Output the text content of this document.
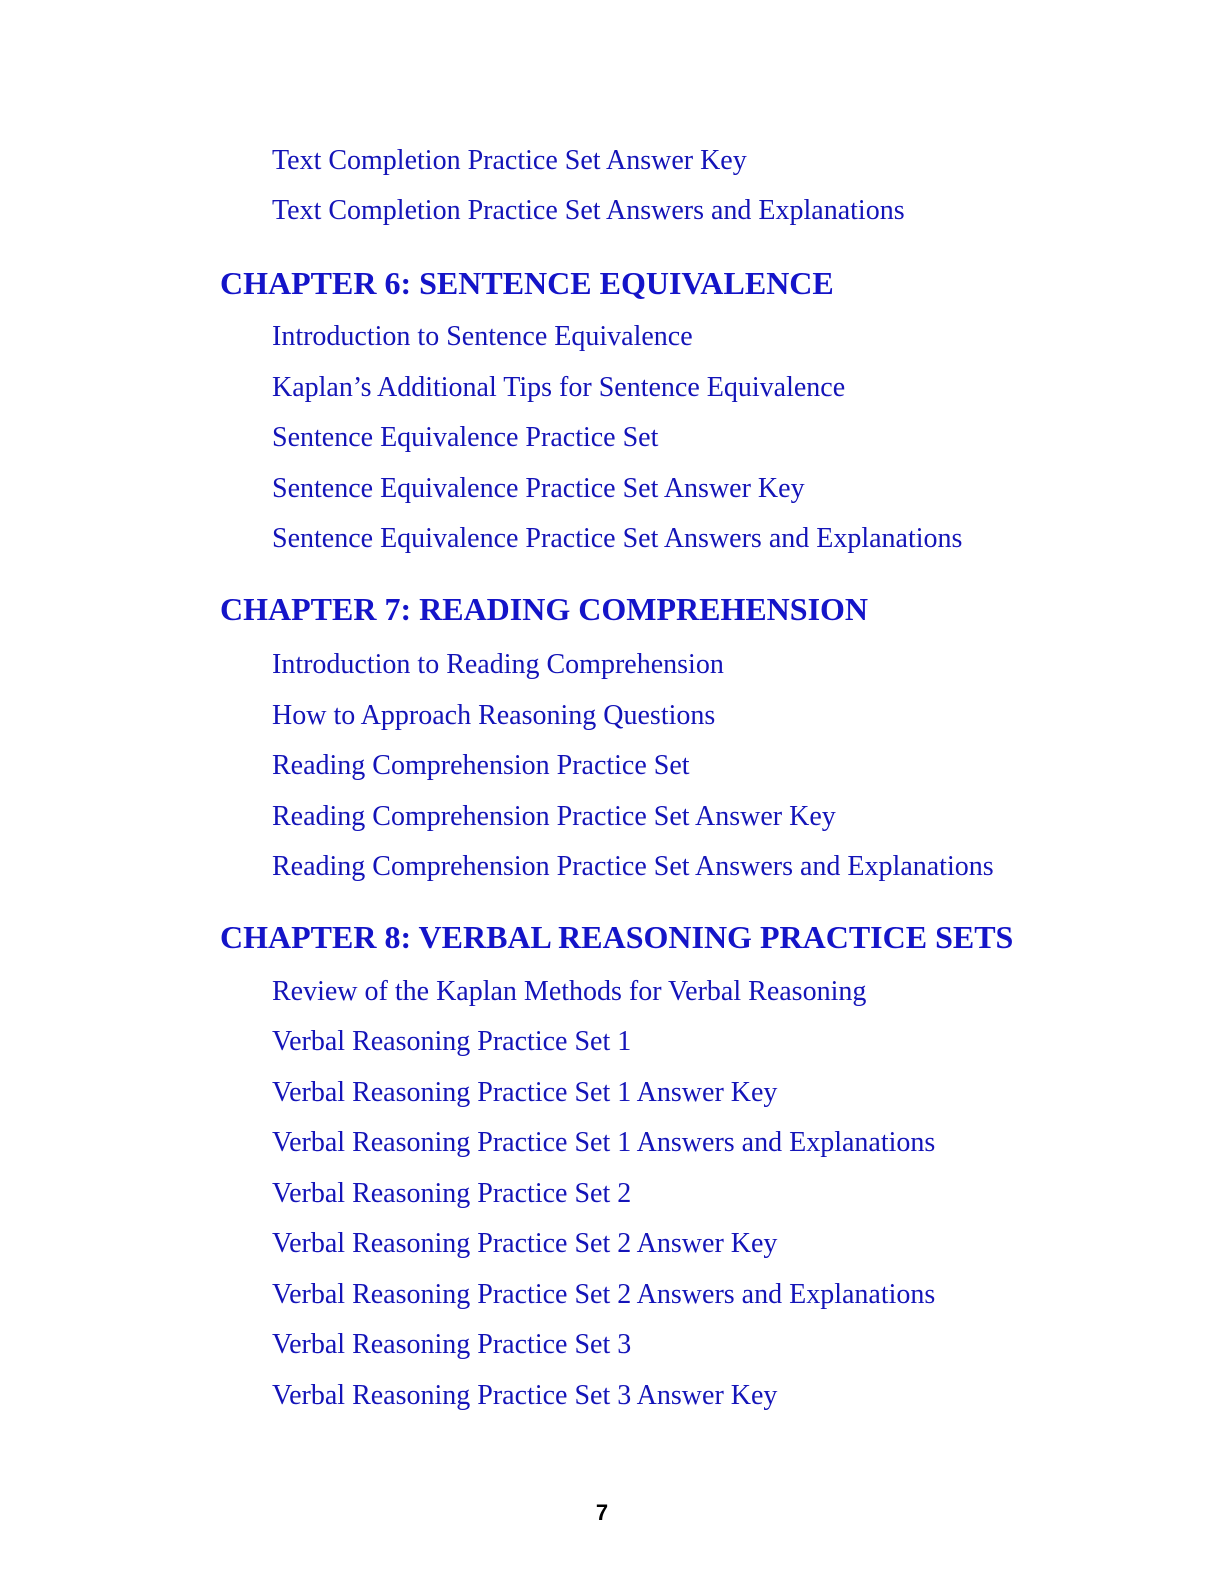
Text Completion Practice Set Answer Key
Text Completion Practice Set Answers and Explanations
CHAPTER 6: SENTENCE EQUIVALENCE
Introduction to Sentence Equivalence
Kaplan’s Additional Tips for Sentence Equivalence
Sentence Equivalence Practice Set
Sentence Equivalence Practice Set Answer Key
Sentence Equivalence Practice Set Answers and Explanations
CHAPTER 7: READING COMPREHENSION
Introduction to Reading Comprehension
How to Approach Reasoning Questions
Reading Comprehension Practice Set
Reading Comprehension Practice Set Answer Key
Reading Comprehension Practice Set Answers and Explanations
CHAPTER 8: VERBAL REASONING PRACTICE SETS
Review of the Kaplan Methods for Verbal Reasoning
Verbal Reasoning Practice Set 1
Verbal Reasoning Practice Set 1 Answer Key
Verbal Reasoning Practice Set 1 Answers and Explanations
Verbal Reasoning Practice Set 2
Verbal Reasoning Practice Set 2 Answer Key
Verbal Reasoning Practice Set 2 Answers and Explanations
Verbal Reasoning Practice Set 3
Verbal Reasoning Practice Set 3 Answer Key
7
